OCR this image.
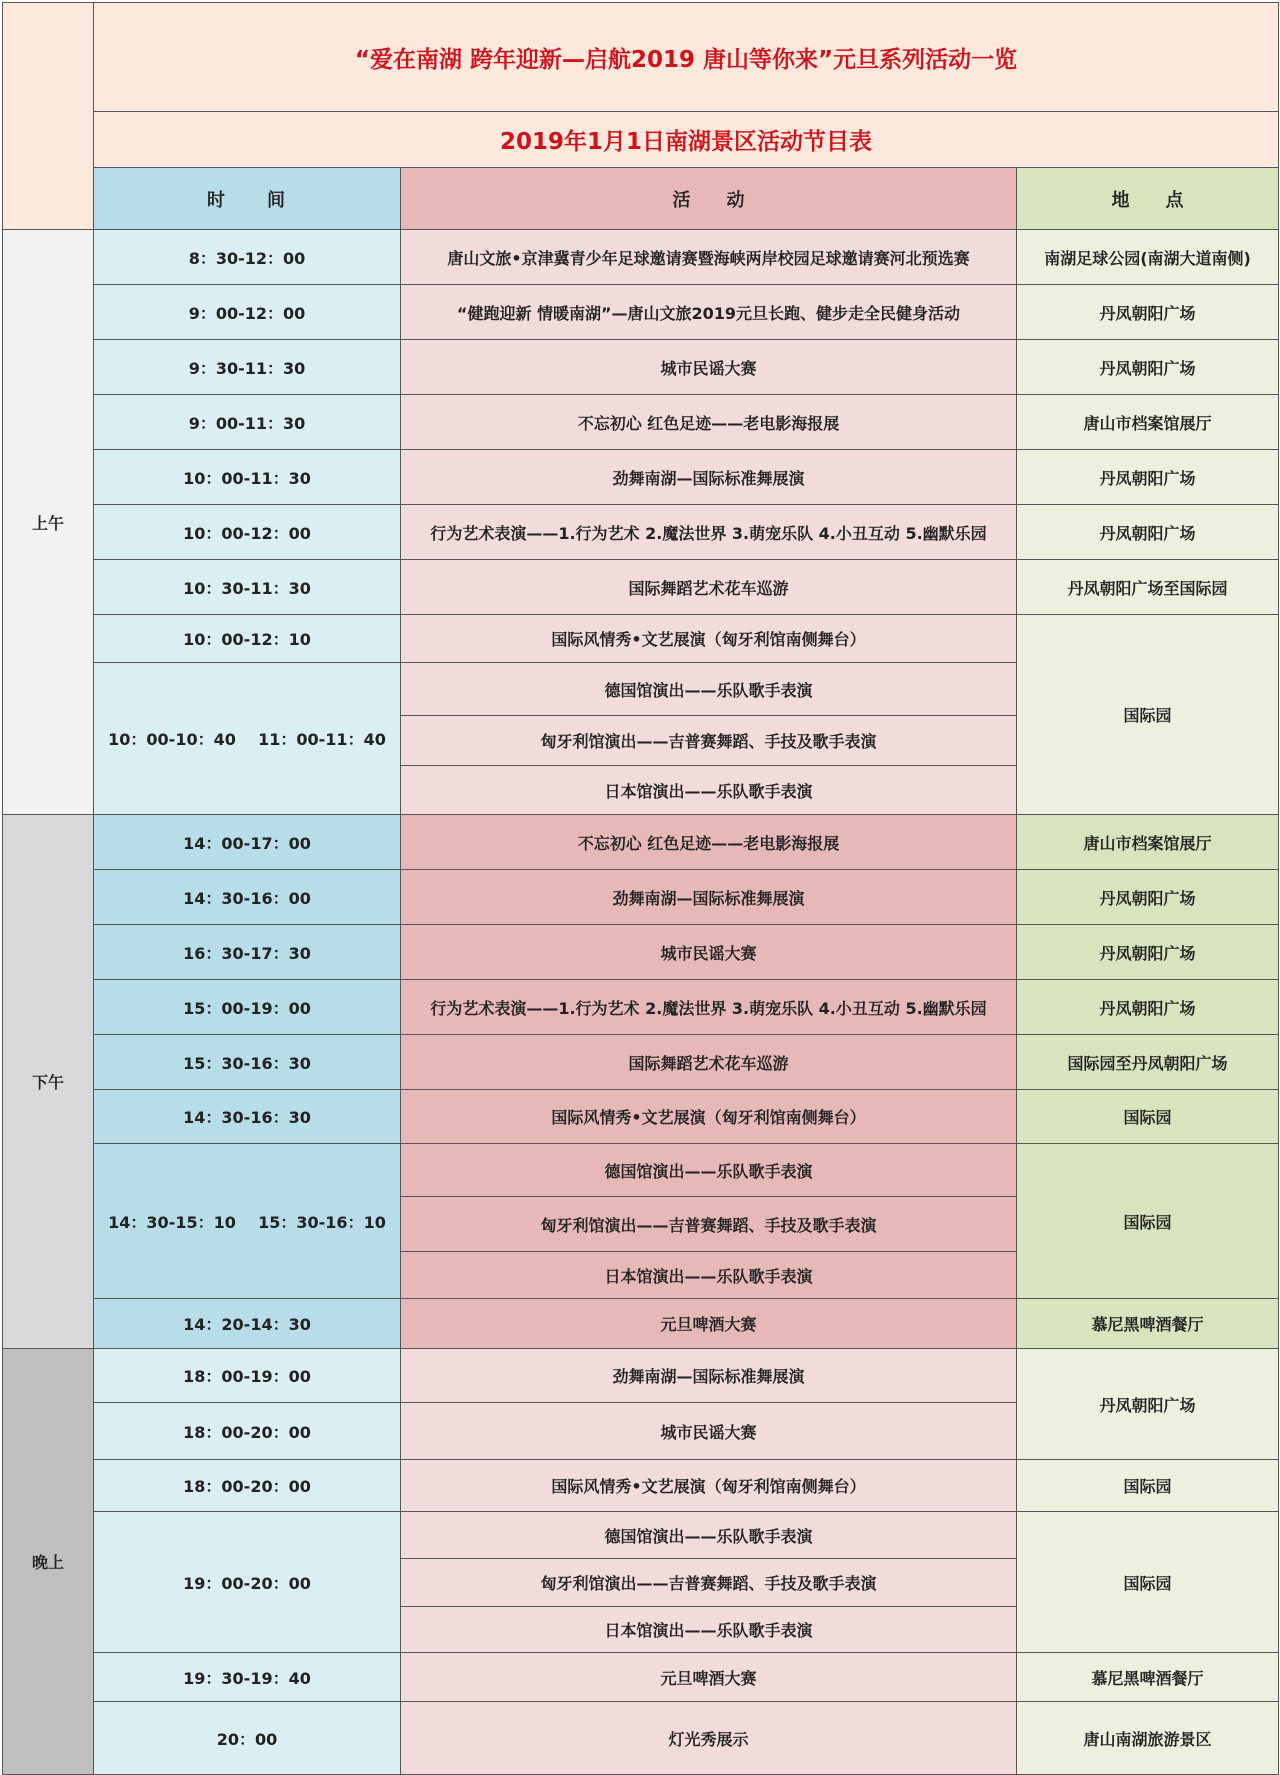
	“爱在南湖 跨年迎新—启航2019 唐山等你来”元旦系列活动一览		
	2019年1月1日南湖景区活动节目表		
	时　　间	活　　动	地　　点
上午	8：30-12：00	唐山文旅•京津冀青少年足球邀请赛暨海峡两岸校园足球邀请赛河北预选赛	南湖足球公园(南湖大道南侧)
	9：00-12：00	“健跑迎新 情暖南湖”—唐山文旅2019元旦长跑、健步走全民健身活动	丹凤朝阳广场
	9：30-11：30	城市民谣大赛	丹凤朝阳广场
	9：00-11：30	不忘初心 红色足迹——老电影海报展	唐山市档案馆展厅
	10：00-11：30	劲舞南湖—国际标准舞展演	丹凤朝阳广场
	10：00-12：00	行为艺术表演——1.行为艺术 2.魔法世界 3.萌宠乐队 4.小丑互动 5.幽默乐园	丹凤朝阳广场
	10：30-11：30	国际舞蹈艺术花车巡游	丹凤朝阳广场至国际园
	10：00-12：10	国际风情秀•文艺展演（匈牙利馆南侧舞台）	国际园
	10：00-10：40    11：00-11：40	德国馆演出——乐队歌手表演	
		匈牙利馆演出——吉普赛舞蹈、手技及歌手表演	
		日本馆演出——乐队歌手表演	
下午	14：00-17：00	不忘初心 红色足迹——老电影海报展	唐山市档案馆展厅
	14：30-16：00	劲舞南湖—国际标准舞展演	丹凤朝阳广场
	16：30-17：30	城市民谣大赛	丹凤朝阳广场
	15：00-19：00	行为艺术表演——1.行为艺术 2.魔法世界 3.萌宠乐队 4.小丑互动 5.幽默乐园	丹凤朝阳广场
	15：30-16：30	国际舞蹈艺术花车巡游	国际园至丹凤朝阳广场
	14：30-16：30	国际风情秀•文艺展演（匈牙利馆南侧舞台）	国际园
	14：30-15：10    15：30-16：10	德国馆演出——乐队歌手表演	国际园
		匈牙利馆演出——吉普赛舞蹈、手技及歌手表演	
		日本馆演出——乐队歌手表演	
	14：20-14：30	元旦啤酒大赛	慕尼黑啤酒餐厅
晚上	18：00-19：00	劲舞南湖—国际标准舞展演	丹凤朝阳广场
	18：00-20：00	城市民谣大赛	
	18：00-20：00	国际风情秀•文艺展演（匈牙利馆南侧舞台）	国际园
	19：00-20：00	德国馆演出——乐队歌手表演	国际园
		匈牙利馆演出——吉普赛舞蹈、手技及歌手表演	
		日本馆演出——乐队歌手表演	
	19：30-19：40	元旦啤酒大赛	慕尼黑啤酒餐厅
	20：00	灯光秀展示	唐山南湖旅游景区
